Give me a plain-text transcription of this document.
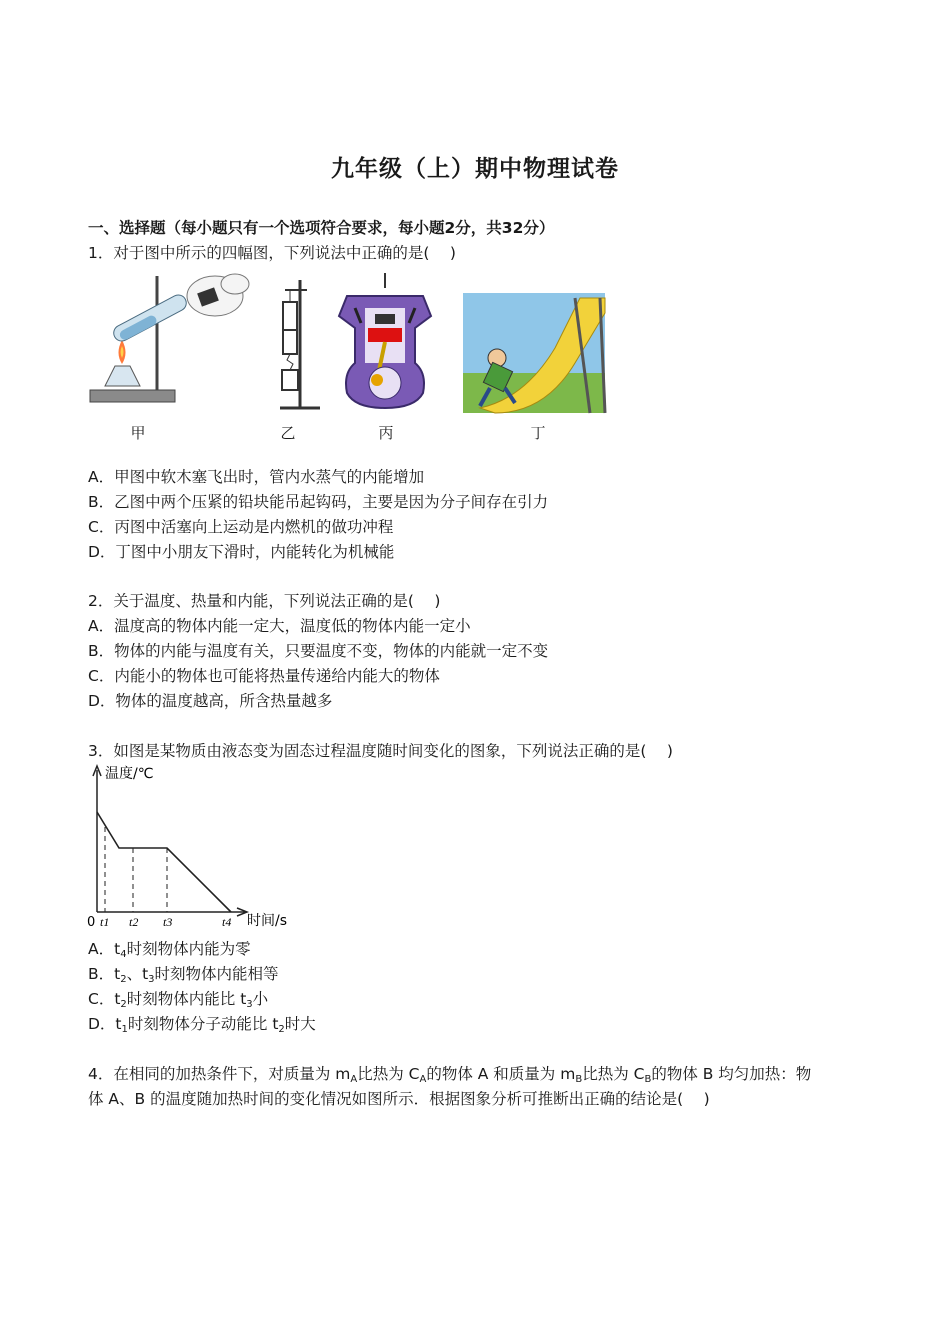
九年级（上）期中物理试卷
一、选择题（每小题只有一个选项符合要求，每小题2分，共32分）
1．对于图中所示的四幅图，下列说法中正确的是(　 )
甲	乙	丙	丁
A．甲图中软木塞飞出时，管内水蒸气的内能增加
B．乙图中两个压紧的铅块能吊起钩码，主要是因为分子间存在引力
C．丙图中活塞向上运动是内燃机的做功冲程
D．丁图中小朋友下滑时，内能转化为机械能
2．关于温度、热量和内能，下列说法正确的是(　 )
A．温度高的物体内能一定大，温度低的物体内能一定小
B．物体的内能与温度有关，只要温度不变，物体的内能就一定不变
C．内能小的物体也可能将热量传递给内能大的物体
D．物体的温度越高，所含热量越多
3．如图是某物质由液态变为固态过程温度随时间变化的图象，下列说法正确的是(　 )
温度/℃
0 t1 t2 t3	t4 时间/s
A．$t_4$时刻物体内能为零
B．$t_2$、$t_3$时刻物体内能相等
C．$t_2$时刻物体内能比 $t_3$小
D．$t_1$时刻物体分子动能比 $t_2$时大
4．在相同的加热条件下，对质量为 $m_A$比热为 $C_A$的物体 A 和质量为 $m_B$比热为 $C_B$的物体 B 均匀加热：物
体 A、B 的温度随加热时间的变化情况如图所示．根据图象分析可推断出正确的结论是(　 )
